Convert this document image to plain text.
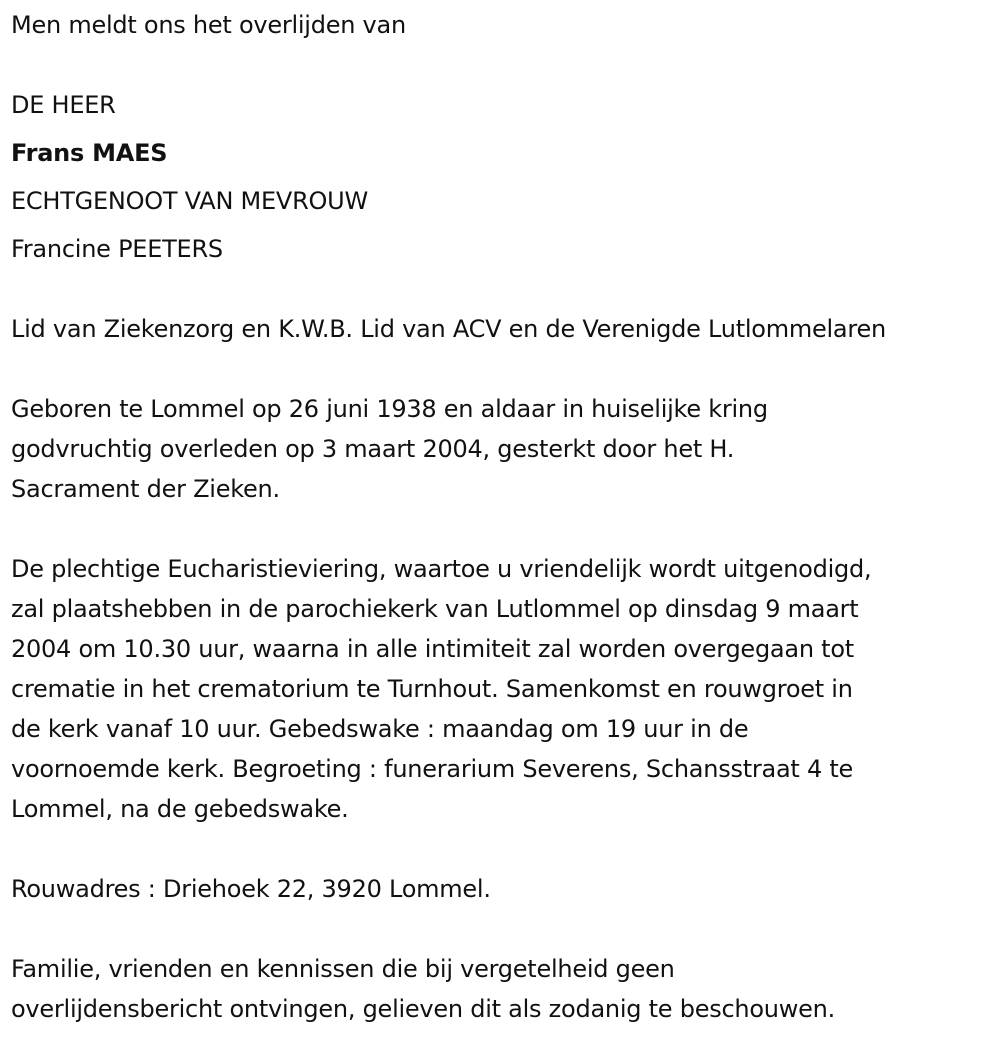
Men meldt ons het overlijden van

DE HEER

Frans MAES

ECHTGENOOT VAN MEVROUW

Francine PEETERS

Lid van Ziekenzorg en K.W.B. Lid van ACV en de Verenigde Lutlommelaren

Geboren te Lommel op 26 juni 1938 en aldaar in huiselijke kring
godvruchtig overleden op 3 maart 2004, gesterkt door het H.
Sacrament der Zieken.
De plechtige Eucharistieviering, waartoe u vriendelijk wordt uitgenodigd,
zal plaatshebben in de parochiekerk van Lutlommel op dinsdag 9 maart
2004 om 10.30 uur, waarna in alle intimiteit zal worden overgegaan tot
crematie in het crematorium te Turnhout. Samenkomst en rouwgroet in
de kerk vanaf 10 uur. Gebedswake : maandag om 19 uur in de
voornoemde kerk. Begroeting : funerarium Severens, Schansstraat 4 te
Lommel, na de gebedswake.

Rouwadres : Driehoek 22, 3920 Lommel.

Familie, vrienden en kennissen die bij vergetelheid geen
overlijdensbericht ontvingen, gelieven dit als zodanig te beschouwen.
